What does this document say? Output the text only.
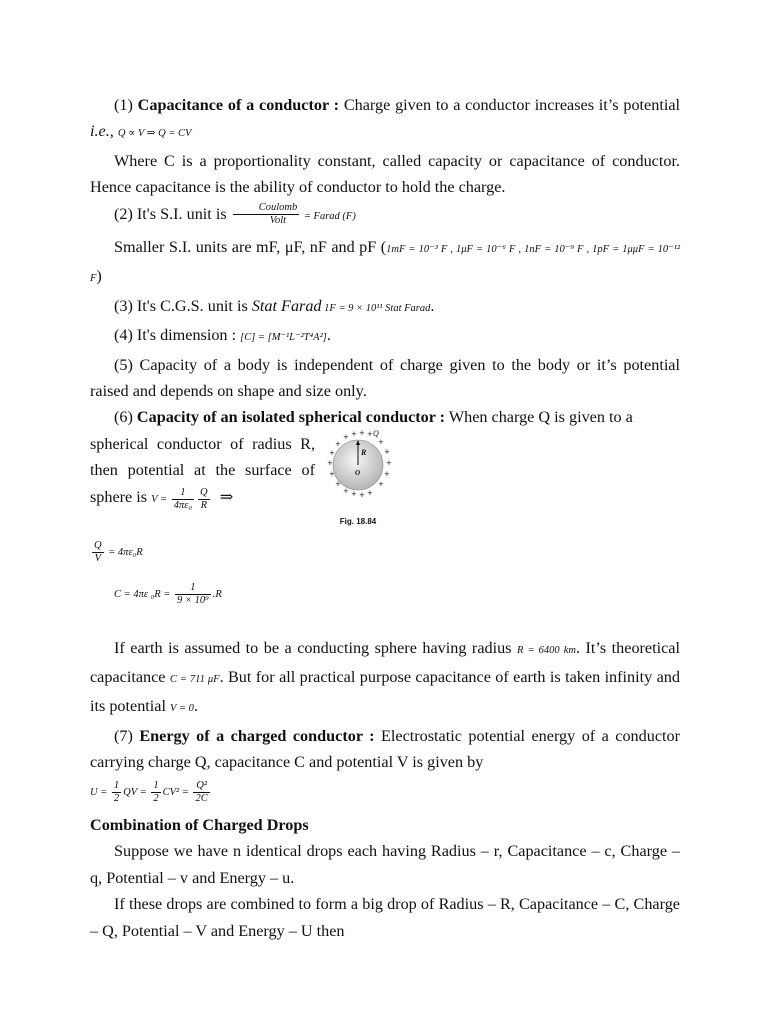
(1) Capacitance of a conductor : Charge given to a conductor increases it’s potential i.e., Q ∝ V ⇒ Q = CV

Where C is a proportionality constant, called capacity or capacitance of conductor. Hence capacitance is the ability of conductor to hold the charge.

(2) It's S.I. unit is $\frac{\text{Coulomb}}{\text{Volt}}$ = Farad (F)

Smaller S.I. units are mF, μF, nF and pF (1mF = 10⁻³ F , 1μF = 10⁻⁶ F , 1nF = 10⁻⁹ F , 1pF = 1μμF = 10⁻¹² F)

(3) It's C.G.S. unit is Stat Farad 1F = 9 × 10¹¹ Stat Farad.

(4) It's dimension : [C] = [M⁻¹L⁻²T⁴A²].

(5) Capacity of a body is independent of charge given to the body or it’s potential raised and depends on shape and size only.

(6) Capacity of an isolated spherical conductor : When charge Q is given to a

spherical conductor of radius R, then potential at the surface of sphere is $V = \frac{1}{\text{4πε₀}} \frac{Q}{R}$ ⇒
R
O
Q
+ + + +
+	+
+	+
+	+
+	+
+	+
+ + + +
Fig. 18.84
$\frac{Q}{V} = 4\pi\varepsilon_0R$
C = 4πε $_0R = \frac{1}{\text{9 × 10⁹}} .R$

If earth is assumed to be a conducting sphere having radius R = 6400 km. It’s theoretical capacitance C = 711 μF. But for all practical purpose capacitance of earth is taken infinity and its potential V = 0.

(7) Energy of a charged conductor : Electrostatic potential energy of a conductor carrying charge Q, capacitance C and potential V is given by

$U = \frac{1}{2}$ QV = $\frac{1}{2} CV^2 = \frac{\text{Q²}}{2C}$

Combination of Charged Drops

Suppose we have n identical drops each having Radius – r, Capacitance – c, Charge – q, Potential – v and Energy – u.

If these drops are combined to form a big drop of Radius – R, Capacitance – C, Charge – Q, Potential – V and Energy – U then
